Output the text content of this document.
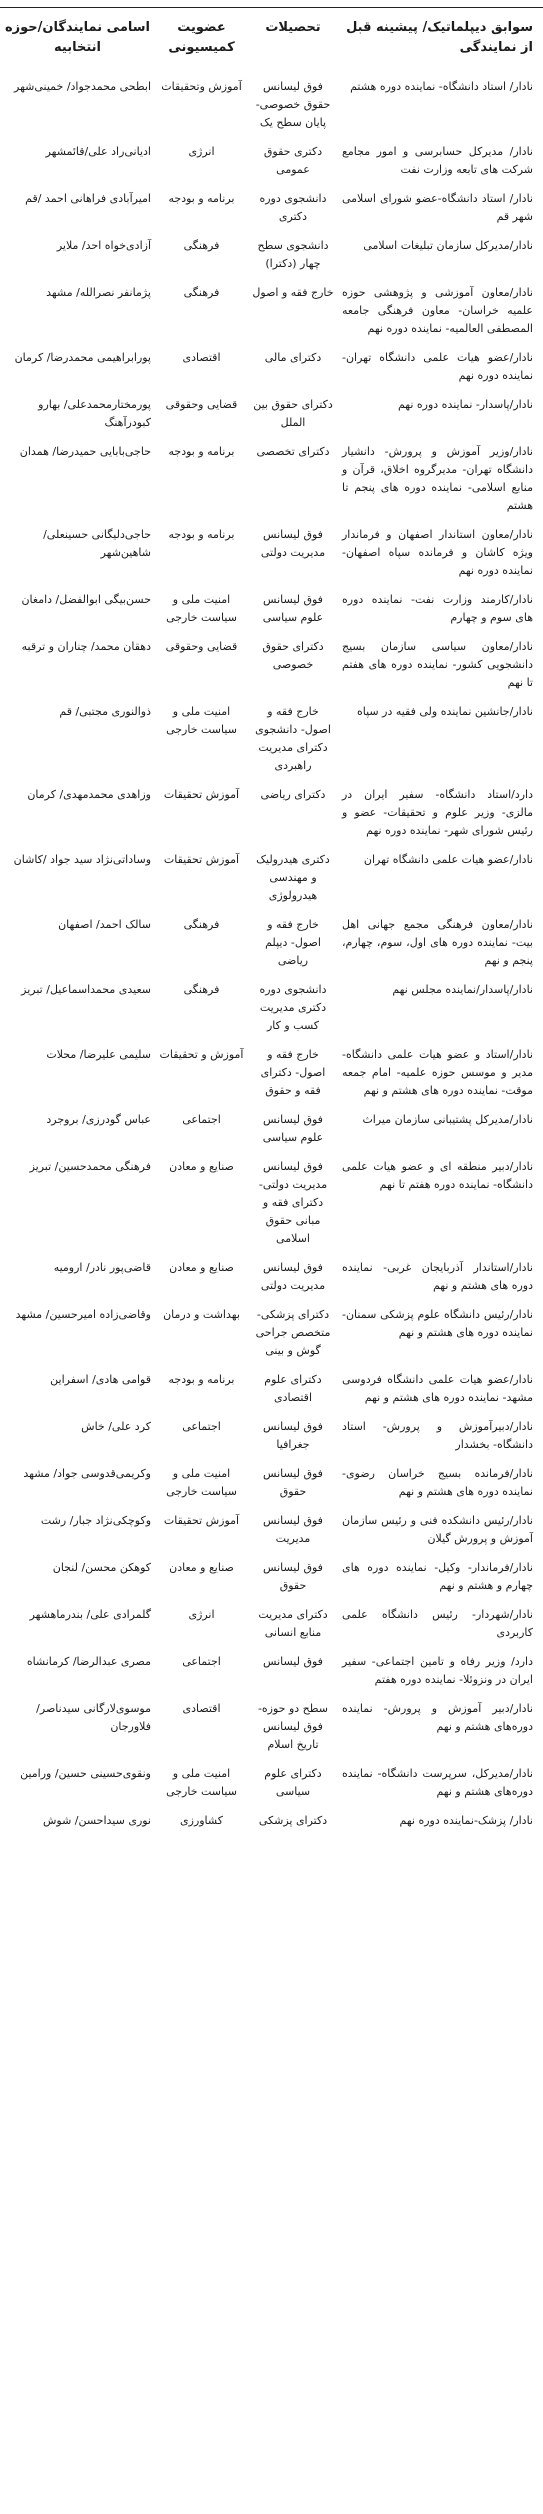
سوابق دیپلماتیک/ پیشینه قبل از نمایندگی	تحصیلات	عضویت کمیسیونی	اسامی نمایندگان/حوزه انتخابیه
نادار/ استاد دانشگاه- نماینده دوره هشتم	فوق لیسانس حقوق خصوصی- پایان سطح یک	آموزش وتحقیقات	ابطحی محمدجواد/ خمینی‌شهر
نادار/ مدیرکل حسابرسی و امور مجامع شرکت های تابعه وزارت نفت	دکتری حقوق عمومی	انرژی	ادیانی‌راد علی/قائمشهر
نادار/ استاد دانشگاه-عضو شورای اسلامی شهر قم	دانشجوی دوره دکتری	برنامه و بودجه	امیرآبادی فراهانی احمد /قم
نادار/مدیرکل سازمان تبلیغات اسلامی	دانشجوی سطح چهار (دکترا)	فرهنگی	آزادی‌خواه احد/ ملایر
نادار/معاون آموزشی و پژوهشی حوزه علمیه خراسان- معاون فرهنگی جامعه المصطفی العالمیه- نماینده دوره نهم	خارج فقه و اصول	فرهنگی	پژمانفر نصرالله/ مشهد
نادار/عضو هیات علمی دانشگاه تهران- نماینده دوره نهم	دکترای مالی	اقتصادی	پورابراهیمی محمدرضا/ کرمان
نادار/پاسدار- نماینده دوره نهم	دکترای حقوق بین الملل	قضایی وحقوقی	پورمختارمحمدعلی/ بهارو کبودرآهنگ
نادار/وزیر آموزش و پرورش- دانشیار دانشگاه تهران- مدیرگروه اخلاق، قرآن و منابع اسلامی- نماینده دوره های پنجم تا هشتم	دکترای تخصصی	برنامه و بودجه	حاجی‌بابایی حمیدرضا/ همدان
نادار/معاون استاندار اصفهان و فرماندار ویژه کاشان و فرمانده سپاه اصفهان- نماینده دوره نهم	فوق لیسانس مدیریت دولتی	برنامه و بودجه	حاجی‌دلیگانی حسینعلی/ شاهین‌شهر
نادار/کارمند وزارت نفت- نماینده دوره های سوم و چهارم	فوق لیسانس علوم سیاسی	امنیت ملی و سیاست خارجی	حسن‌بیگی ابوالفضل/ دامغان
نادار/معاون سیاسی سازمان بسیج دانشجویی کشور- نماینده دوره های هفتم تا نهم	دکترای حقوق خصوصی	قضایی وحقوقی	دهقان محمد/ چناران و ترقبه
نادار/جانشین نماینده ولی فقیه در سپاه	خارج فقه و اصول- دانشجوی دکترای مدیریت راهبردی	امنیت ملی و سیاست خارجی	ذوالنوری مجتبی/ قم
دارد/استاد دانشگاه- سفیر ایران در مالزی- وزیر علوم و تحقیقات- عضو و رئیس شورای شهر- نماینده دوره نهم	دکترای ریاضی	آموزش تحقیقات	وزاهدی محمدمهدی/ کرمان
نادار/عضو هیات علمی دانشگاه تهران	دکتری هیدرولیک و مهندسی هیدرولوژی	آموزش تحقیقات	وساداتی‌نژاد سید جواد /کاشان
نادار/معاون فرهنگی مجمع جهانی اهل بیت- نماینده دوره های اول، سوم، چهارم، پنجم و نهم	خارج فقه و اصول- دیپلم ریاضی	فرهنگی	سالک احمد/ اصفهان
نادار/پاسدار/نماینده مجلس نهم	دانشجوی دوره دکتری مدیریت کسب و کار	فرهنگی	سعیدی محمداسماعیل/ تبریز
نادار/استاد و عضو هیات علمی دانشگاه- مدیر و موسس حوزه علمیه- امام جمعه موقت- نماینده دوره های هشتم و نهم	خارج فقه و اصول- دکترای فقه و حقوق	آموزش و تحقیقات	سلیمی علیرضا/ محلات
نادار/مدیرکل پشتیبانی سازمان میراث	فوق لیسانس علوم سیاسی	اجتماعی	عباس گودرزی/ بروجرد
نادار/دبیر منطقه ای و عضو هیات علمی دانشگاه- نماینده دوره هفتم تا نهم	فوق لیسانس مدیریت دولتی- دکترای فقه و مبانی حقوق اسلامی	صنایع و معادن	فرهنگی محمدحسین/ تبریز
نادار/استاندار آذربایجان غربی- نماینده دوره های هشتم و نهم	فوق لیسانس مدیریت دولتی	صنایع و معادن	قاضی‌پور نادر/ ارومیه
نادار/رئیس دانشگاه علوم پزشکی سمنان- نماینده دوره های هشتم و نهم	دکترای پزشکی- متخصص جراحی گوش و بینی	بهداشت و درمان	وقاضی‌زاده امیرحسین/ مشهد
نادار/عضو هیات علمی دانشگاه فردوسی مشهد- نماینده دوره های هشتم و نهم	دکترای علوم اقتصادی	برنامه و بودجه	قوامی هادی/ اسفراین
نادار/دبیرآموزش و پرورش- استاد دانشگاه- بخشدار	فوق لیسانس جغرافیا	اجتماعی	کرد علی/ خاش
نادار/فرمانده بسیج خراسان رضوی- نماینده دوره های هشتم و نهم	فوق لیسانس حقوق	امنیت ملی و سیاست خارجی	وکریمی‌قدوسی جواد/ مشهد
نادار/رئیس دانشکده فنی و رئیس سازمان آموزش و پرورش گیلان	فوق لیسانس مدیریت	آموزش تحقیقات	وکوچکی‌نژاد جبار/ رشت
نادار/فرماندار- وکیل- نماینده دوره های چهارم و هشتم و نهم	فوق لیسانس حقوق	صنایع و معادن	کوهکن محسن/ لنجان
نادار/شهردار- رئیس دانشگاه علمی کاربردی	دکترای مدیریت منابع انسانی	انرژی	گلمرادی علی/ بندرماهشهر
دارد/ وزیر رفاه و تامین اجتماعی- سفیر ایران در ونزوئلا- نماینده دوره هفتم	فوق لیسانس	اجتماعی	مصری عبدالرضا/ کرمانشاه
نادار/دبیر آموزش و پرورش- نماینده دوره‌های هشتم و نهم	سطح دو حوزه- فوق لیسانس تاریخ اسلام	اقتصادی	موسوی‌لارگانی سیدناصر/فلاورجان
نادار/مدیرکل، سرپرست دانشگاه- نماینده دوره‌های هشتم و نهم	دکترای علوم سیاسی	امنیت ملی و سیاست خارجی	ونقوی‌حسینی حسین/ ورامین
نادار/ پزشک-نماینده دوره نهم	دکترای پزشکی	کشاورزی	نوری سیداحسن/ شوش
